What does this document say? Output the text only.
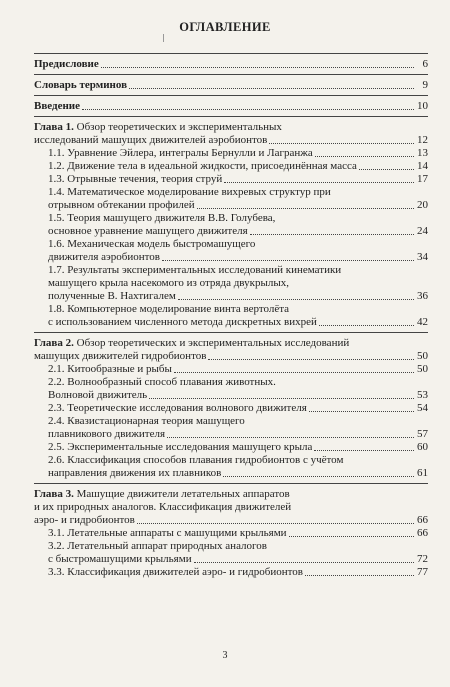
ОГЛАВЛЕНИЕ
Предисловие	6
Словарь терминов	9
Введение	10
Глава 1. Обзор теоретических и экспериментальных
исследований машущих движителей аэробионтов	12
1.1. Уравнение Эйлера, интегралы Бернулли и Лагранжа	13
1.2. Движение тела в идеальной жидкости, присоединённая масса	14
1.3. Отрывные течения, теория струй	17
1.4. Математическое моделирование вихревых структур при
отрывном обтекании профилей	20
1.5. Теория машущего движителя В.В. Голубева,
основное уравнение машущего движителя	24
1.6. Механическая модель быстромашущего
движителя аэробионтов	34
1.7. Результаты экспериментальных исследований кинематики
машущего крыла насекомого из отряда двукрылых,
полученные В. Нахтигалем	36
1.8. Компьютерное моделирование винта вертолёта
с использованием численного метода дискретных вихрей	42
Глава 2. Обзор теоретических и экспериментальных исследований
машущих движителей гидробионтов	50
2.1. Китообразные и рыбы	50
2.2. Волнообразный способ плавания животных.
Волновой движитель	53
2.3. Теоретические исследования волнового движителя	54
2.4. Квазистационарная теория машущего
плавникового движителя	57
2.5. Экспериментальные исследования машущего крыла	60
2.6. Классификация способов плавания гидробионтов с учётом
направления движения их плавников	61
Глава 3. Машущие движители летательных аппаратов
и их природных аналогов. Классификация движителей
аэро- и гидробионтов	66
3.1. Летательные аппараты с машущими крыльями	66
3.2. Летательный аппарат природных аналогов
с быстромашущими крыльями	72
3.3. Классификация движителей аэро- и гидробионтов	77
3
